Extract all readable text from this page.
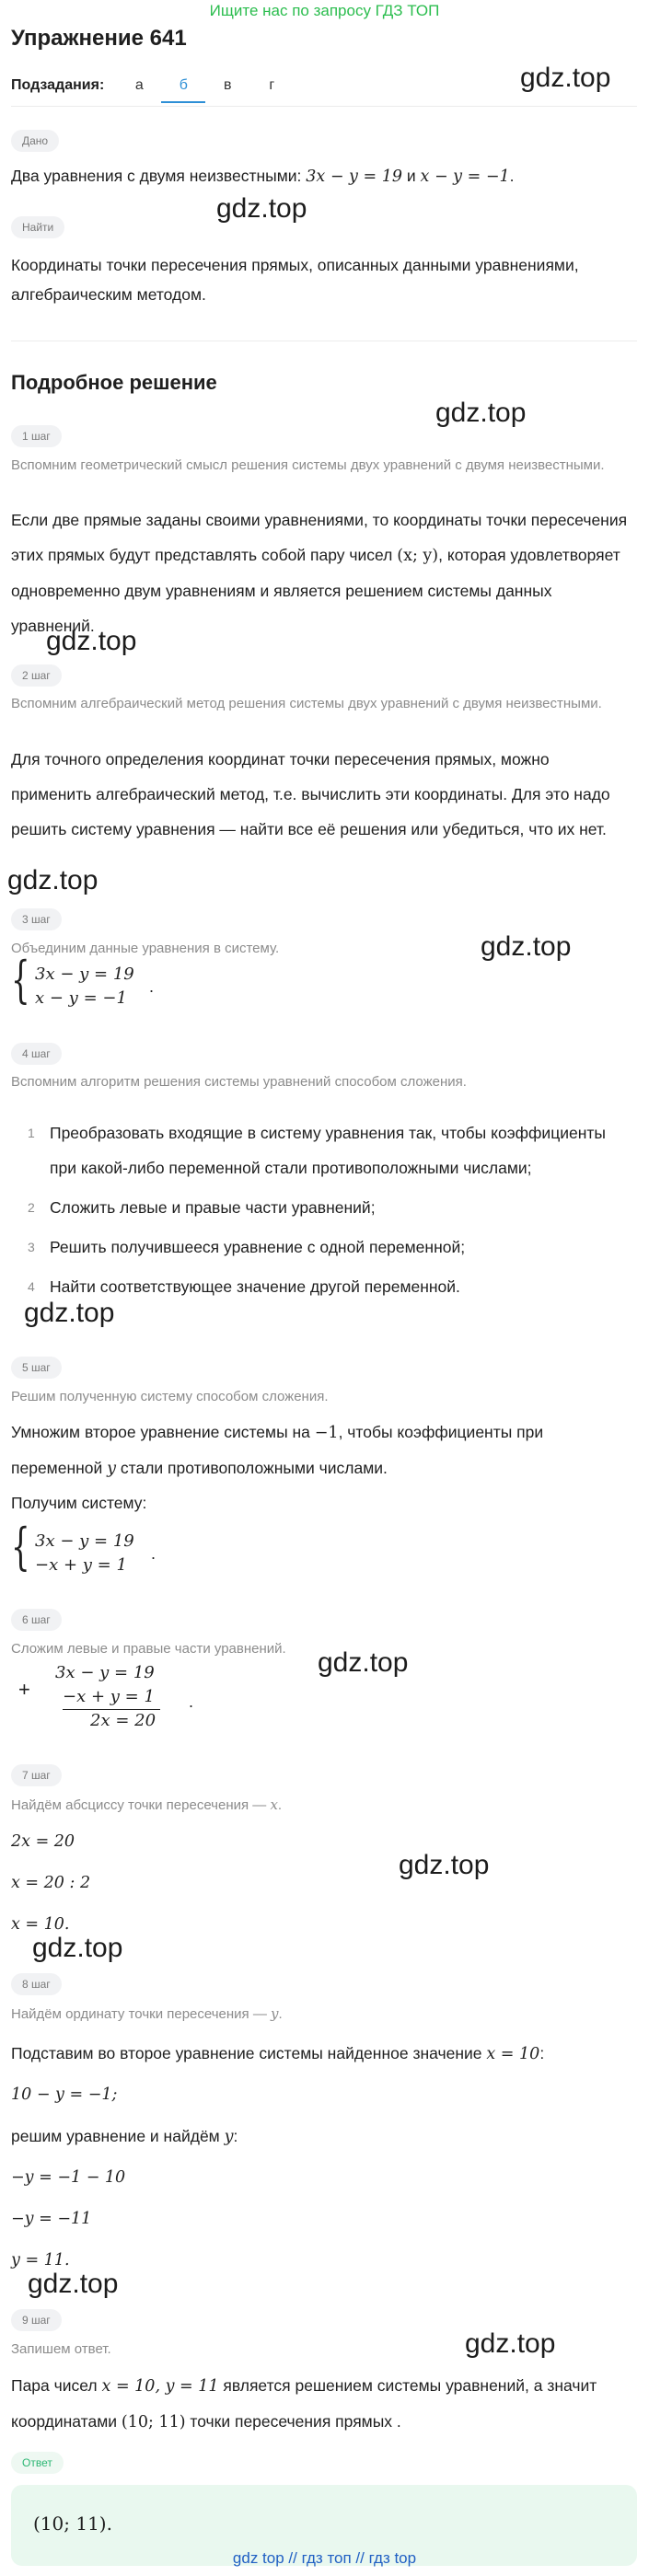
Ищите нас по запросу ГДЗ ТОП
Упражнение 641
Подзадания:	а	б	в	г	gdz.top
gdz.top
gdz.top
gdz.top
gdz.top
gdz.top
gdz.top
gdz.top
gdz.top
gdz.top
gdz.top
gdz.top
Дано
Два уравнения с двумя неизвестными: 3x − y = 19 и x − y = −1.
Найти
Координаты точки пересечения прямых, описанных данными уравнениями, алгебраическим методом.
Подробное решение
1 шаг
Вспомним геометрический смысл решения системы двух уравнений с двумя неизвестными.
Если две прямые заданы своими уравнениями, то координаты точки пересечения этих прямых будут представлять собой пару чисел (x; y), которая удовлетворяет одновременно двум уравнениям и является решением системы данных уравнений.
2 шаг
Вспомним алгебраический метод решения системы двух уравнений с двумя неизвестными.
Для точного определения координат точки пересечения прямых, можно применить алгебраический метод, т.е. вычислить эти координаты. Для это надо решить систему уравнения — найти все её решения или убедиться, что их нет.
3 шаг
Объединим данные уравнения в систему.
{ 3x − y = 19
x − y = −1
.
4 шаг
Вспомним алгоритм решения системы уравнений способом сложения.
1 Преобразовать входящие в систему уравнения так, чтобы коэффициенты при какой-либо переменной стали противоположными числами;
2 Сложить левые и правые части уравнений;
3 Решить получившееся уравнение с одной переменной;
4 Найти соответствующее значение другой переменной.
5 шаг
Решим полученную систему способом сложения.
Умножим второе уравнение системы на −1, чтобы коэффициенты при переменной y стали противоположными числами.
Получим систему:
{ 3x − y = 19
−x + y = 1
.
6 шаг
Сложим левые и правые части уравнений.
+
3x − y = 19
−x + y = 1
2x = 20
.
7 шаг
Найдём абсциссу точки пересечения — x.
2x = 20
x = 20 : 2
x = 10.
8 шаг
Найдём ординату точки пересечения — y.
Подставим во второе уравнение системы найденное значение x = 10:
10 − y = −1;
решим уравнение и найдём y:
−y = −1 − 10
−y = −11
y = 11.
9 шаг
Запишем ответ.
Пара чисел x = 10, y = 11 является решением системы уравнений, а значит координатами (10; 11) точки пересечения прямых .
Ответ
(10; 11).
gdz top // гдз топ // гдз top
